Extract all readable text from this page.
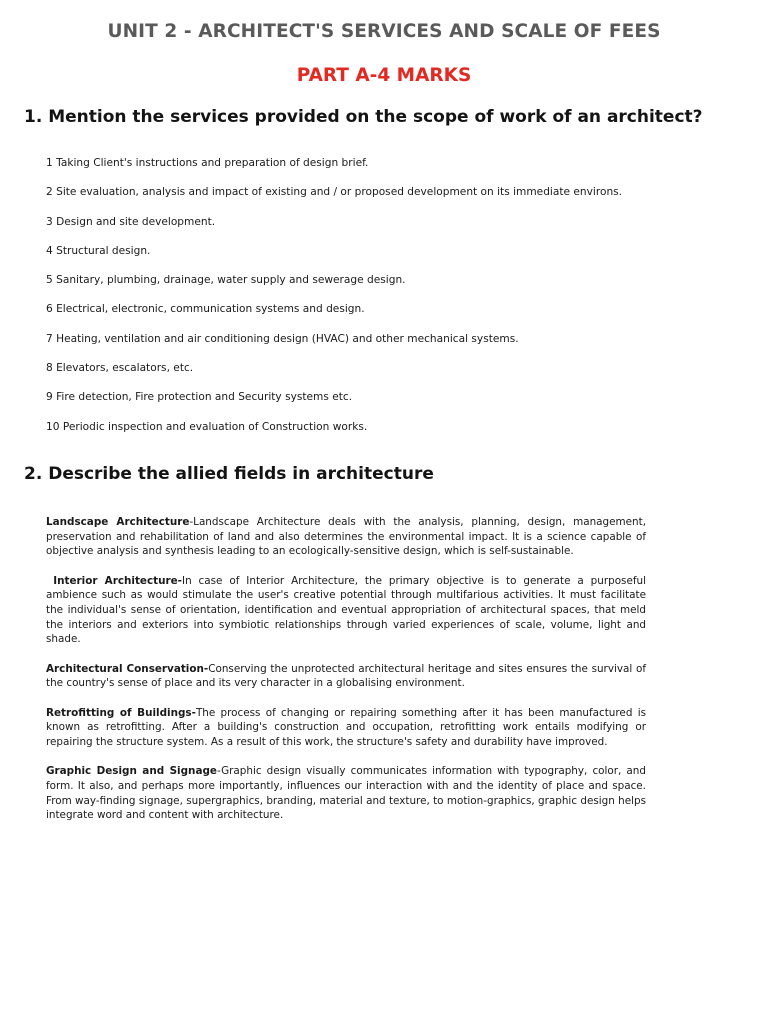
UNIT 2 - ARCHITECT'S SERVICES AND SCALE OF FEES
PART A-4 MARKS
1. Mention the services provided on the scope of work of an architect?
1 Taking Client's instructions and preparation of design brief.
2 Site evaluation, analysis and impact of existing and / or proposed development on its immediate environs.
3 Design and site development.
4 Structural design.
5 Sanitary, plumbing, drainage, water supply and sewerage design.
6 Electrical, electronic, communication systems and design.
7 Heating, ventilation and air conditioning design (HVAC) and other mechanical systems.
8 Elevators, escalators, etc.
9 Fire detection, Fire protection and Security systems etc.
10 Periodic inspection and evaluation of Construction works.
2. Describe the allied fields in architecture

Landscape Architecture-Landscape Architecture deals with the analysis, planning, design, management, preservation and rehabilitation of land and also determines the environmental impact. It is a science capable of objective analysis and synthesis leading to an ecologically-sensitive design, which is self-sustainable.

Interior Architecture-In case of Interior Architecture, the primary objective is to generate a purposeful ambience such as would stimulate the user's creative potential through multifarious activities. It must facilitate the individual's sense of orientation, identification and eventual appropriation of architectural spaces, that meld the interiors and exteriors into symbiotic relationships through varied experiences of scale, volume, light and shade.

Architectural Conservation-Conserving the unprotected architectural heritage and sites ensures the survival of the country's sense of place and its very character in a globalising environment.

Retrofitting of Buildings-The process of changing or repairing something after it has been manufactured is known as retrofitting. After a building's construction and occupation, retrofitting work entails modifying or repairing the structure system. As a result of this work, the structure's safety and durability have improved.

Graphic Design and Signage-Graphic design visually communicates information with typography, color, and form. It also, and perhaps more importantly, influences our interaction with and the identity of place and space. From way-finding signage, supergraphics, branding, material and texture, to motion-graphics, graphic design helps integrate word and content with architecture.
